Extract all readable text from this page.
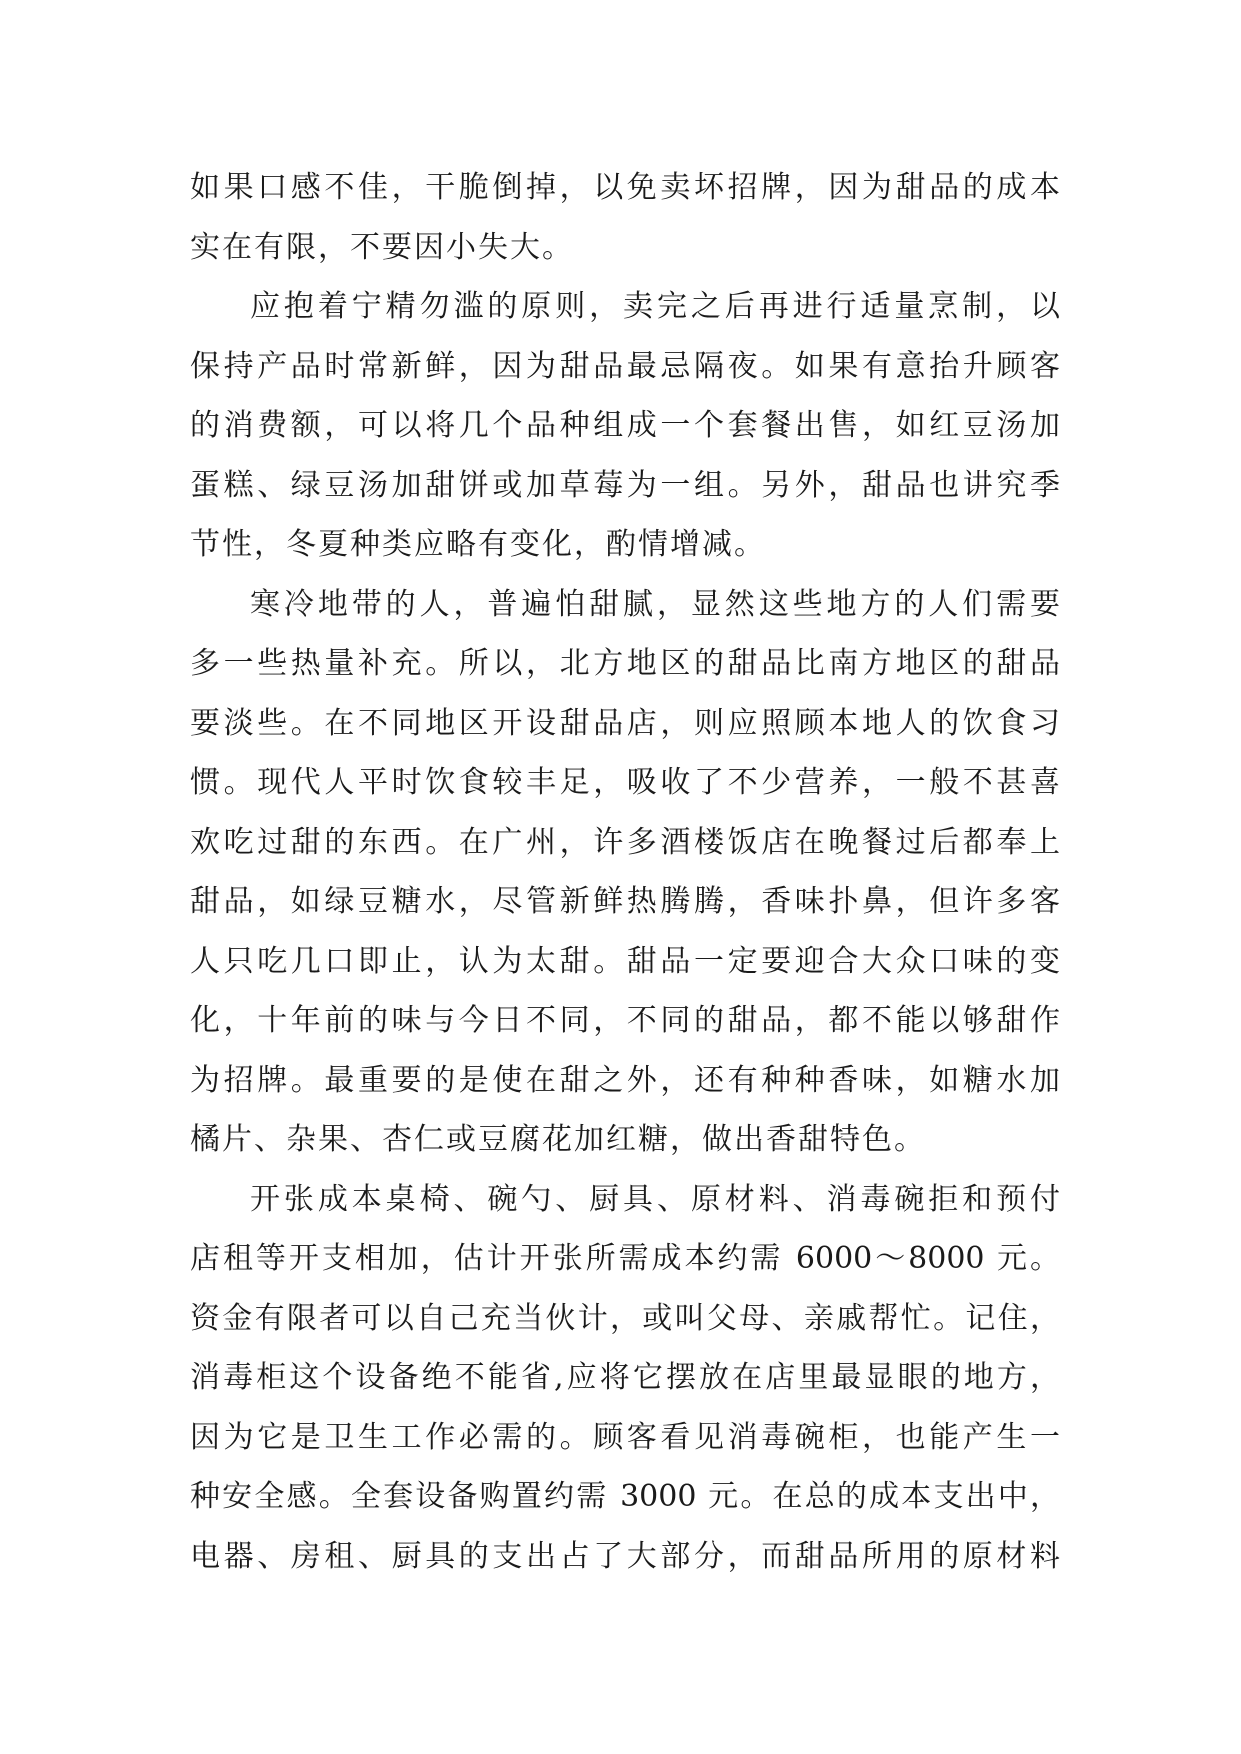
如果口感不佳，干脆倒掉，以免卖坏招牌，因为甜品的成本
实在有限，不要因小失大。
应抱着宁精勿滥的原则，卖完之后再进行适量烹制，以
保持产品时常新鲜，因为甜品最忌隔夜。如果有意抬升顾客
的消费额，可以将几个品种组成一个套餐出售，如红豆汤加
蛋糕、绿豆汤加甜饼或加草莓为一组。另外，甜品也讲究季
节性，冬夏种类应略有变化，酌情增减。
寒冷地带的人，普遍怕甜腻，显然这些地方的人们需要
多一些热量补充。所以，北方地区的甜品比南方地区的甜品
要淡些。在不同地区开设甜品店，则应照顾本地人的饮食习
惯。现代人平时饮食较丰足，吸收了不少营养，一般不甚喜
欢吃过甜的东西。在广州，许多酒楼饭店在晚餐过后都奉上
甜品，如绿豆糖水，尽管新鲜热腾腾，香味扑鼻，但许多客
人只吃几口即止，认为太甜。甜品一定要迎合大众口味的变
化，十年前的味与今日不同，不同的甜品，都不能以够甜作
为招牌。最重要的是使在甜之外，还有种种香味，如糖水加
橘片、杂果、杏仁或豆腐花加红糖，做出香甜特色。
开张成本桌椅、碗勺、厨具、原材料、消毒碗拒和预付
店租等开支相加，估计开张所需成本约需 6000～8000 元。
资金有限者可以自己充当伙计，或叫父母、亲戚帮忙。记住，
消毒柜这个设备绝不能省,应将它摆放在店里最显眼的地方，
因为它是卫生工作必需的。顾客看见消毒碗柜，也能产生一
种安全感。全套设备购置约需 3000 元。在总的成本支出中，
电器、房租、厨具的支出占了大部分，而甜品所用的原材料
